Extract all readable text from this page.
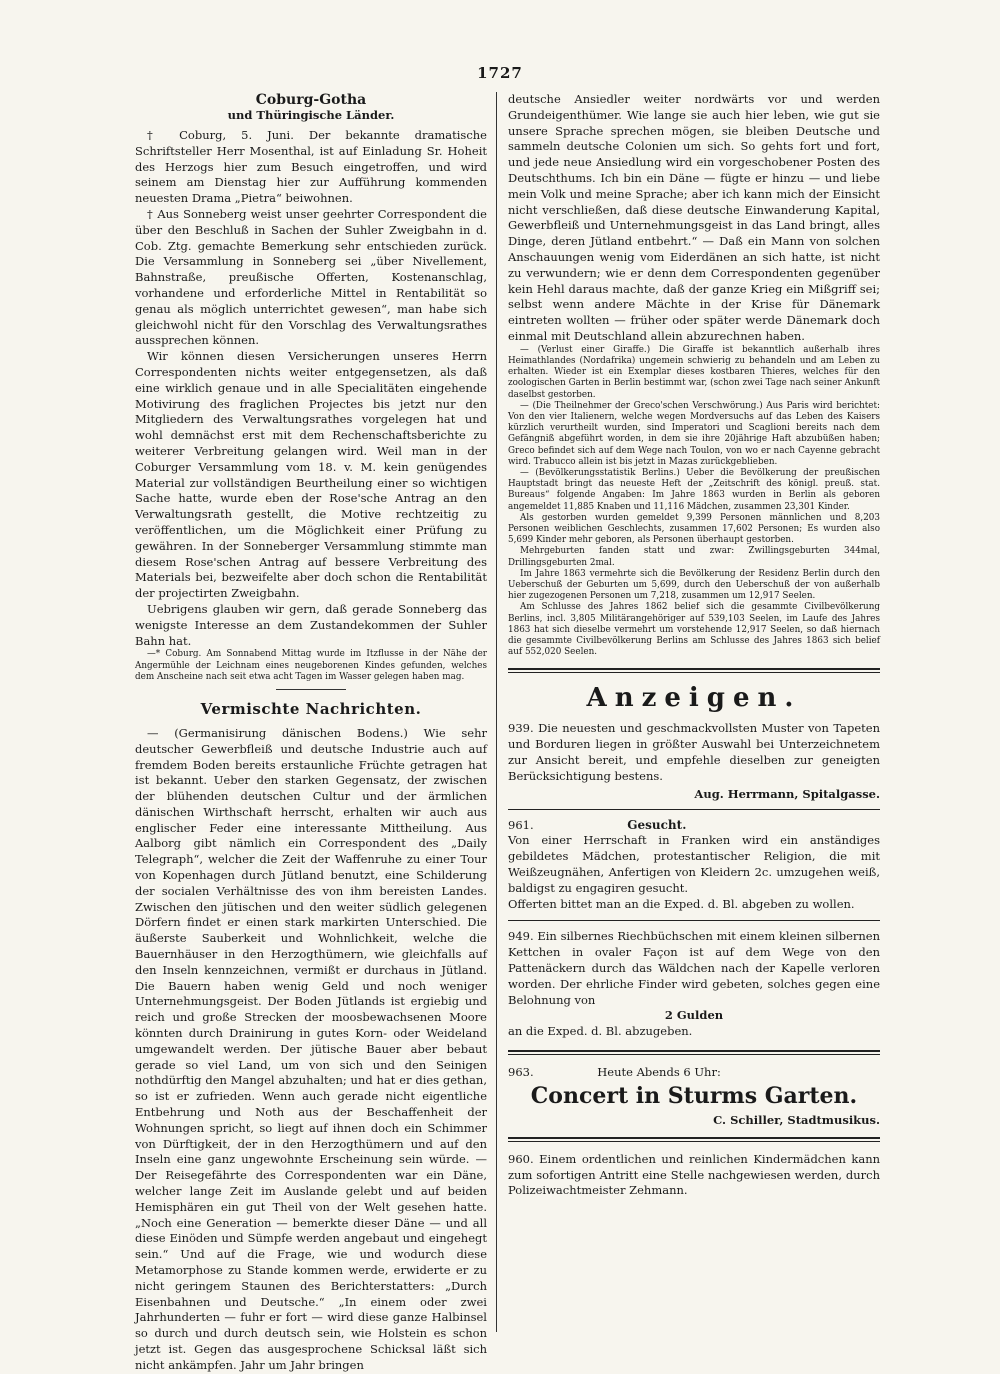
1727
Coburg-Gotha
und Thüringische Länder.

† Coburg, 5. Juni. Der bekannte dramatische Schriftsteller Herr Mosenthal, ist auf Einladung Sr. Hoheit des Herzogs hier zum Besuch eingetroffen, und wird seinem am Dienstag hier zur Aufführung kommenden neuesten Drama „Pietra“ beiwohnen.

† Aus Sonneberg weist unser geehrter Correspondent die über den Beschluß in Sachen der Suhler Zweigbahn in d. Cob. Ztg. gemachte Bemerkung sehr entschieden zurück. Die Versammlung in Sonneberg sei „über Nivellement, Bahnstraße, preußische Offerten, Kostenanschlag, vorhandene und erforderliche Mittel in Rentabilität so genau als möglich unterrichtet gewesen“, man habe sich gleichwohl nicht für den Vorschlag des Verwaltungsrathes aussprechen können.

Wir können diesen Versicherungen unseres Herrn Correspondenten nichts weiter entgegensetzen, als daß eine wirklich genaue und in alle Specialitäten eingehende Motivirung des fraglichen Projectes bis jetzt nur den Mitgliedern des Verwaltungsrathes vorgelegen hat und wohl demnächst erst mit dem Rechenschaftsberichte zu weiterer Verbreitung gelangen wird. Weil man in der Coburger Versammlung vom 18. v. M. kein genügendes Material zur vollständigen Beurtheilung einer so wichtigen Sache hatte, wurde eben der Rose'sche Antrag an den Verwaltungsrath gestellt, die Motive rechtzeitig zu veröffentlichen, um die Möglichkeit einer Prüfung zu gewähren. In der Sonneberger Versammlung stimmte man diesem Rose'schen Antrag auf bessere Verbreitung des Materials bei, bezweifelte aber doch schon die Rentabilität der projectirten Zweigbahn.

Uebrigens glauben wir gern, daß gerade Sonneberg das wenigste Interesse an dem Zustandekommen der Suhler Bahn hat.

—* Coburg. Am Sonnabend Mittag wurde im Itzflusse in der Nähe der Angermühle der Leichnam eines neugeborenen Kindes gefunden, welches dem Anscheine nach seit etwa acht Tagen im Wasser gelegen haben mag.

Vermischte Nachrichten.

— (Germanisirung dänischen Bodens.) Wie sehr deutscher Gewerbfleiß und deutsche Industrie auch auf fremdem Boden bereits erstaunliche Früchte getragen hat ist bekannt. Ueber den starken Gegensatz, der zwischen der blühenden deutschen Cultur und der ärmlichen dänischen Wirthschaft herrscht, erhalten wir auch aus englischer Feder eine interessante Mittheilung. Aus Aalborg gibt nämlich ein Correspondent des „Daily Telegraph“, welcher die Zeit der Waffenruhe zu einer Tour von Kopenhagen durch Jütland benutzt, eine Schilderung der socialen Verhältnisse des von ihm bereisten Landes. Zwischen den jütischen und den weiter südlich gelegenen Dörfern findet er einen stark markirten Unterschied. Die äußerste Sauberkeit und Wohnlichkeit, welche die Bauernhäuser in den Herzogthümern, wie gleichfalls auf den Inseln kennzeichnen, vermißt er durchaus in Jütland. Die Bauern haben wenig Geld und noch weniger Unternehmungsgeist. Der Boden Jütlands ist ergiebig und reich und große Strecken der moosbewachsenen Moore könnten durch Drainirung in gutes Korn- oder Weideland umgewandelt werden. Der jütische Bauer aber bebaut gerade so viel Land, um von sich und den Seinigen nothdürftig den Mangel abzuhalten; und hat er dies gethan, so ist er zufrieden. Wenn auch gerade nicht eigentliche Entbehrung und Noth aus der Beschaffenheit der Wohnungen spricht, so liegt auf ihnen doch ein Schimmer von Dürftigkeit, der in den Herzogthümern und auf den Inseln eine ganz ungewohnte Erscheinung sein würde. — Der Reisegefährte des Correspondenten war ein Däne, welcher lange Zeit im Auslande gelebt und auf beiden Hemisphären ein gut Theil von der Welt gesehen hatte. „Noch eine Generation — bemerkte dieser Däne — und all diese Einöden und Sümpfe werden angebaut und eingehegt sein.“ Und auf die Frage, wie und wodurch diese Metamorphose zu Stande kommen werde, erwiderte er zu nicht geringem Staunen des Berichterstatters: „Durch Eisenbahnen und Deutsche.“ „In einem oder zwei Jahrhunderten — fuhr er fort — wird diese ganze Halbinsel so durch und durch deutsch sein, wie Holstein es schon jetzt ist. Gegen das ausgesprochene Schicksal läßt sich nicht ankämpfen. Jahr um Jahr bringen

deutsche Ansiedler weiter nordwärts vor und werden Grundeigenthümer. Wie lange sie auch hier leben, wie gut sie unsere Sprache sprechen mögen, sie bleiben Deutsche und sammeln deutsche Colonien um sich. So gehts fort und fort, und jede neue Ansiedlung wird ein vorgeschobener Posten des Deutschthums. Ich bin ein Däne — fügte er hinzu — und liebe mein Volk und meine Sprache; aber ich kann mich der Einsicht nicht verschließen, daß diese deutsche Einwanderung Kapital, Gewerbfleiß und Unternehmungsgeist in das Land bringt, alles Dinge, deren Jütland entbehrt.“ — Daß ein Mann von solchen Anschauungen wenig vom Eiderdänen an sich hatte, ist nicht zu verwundern; wie er denn dem Correspondenten gegenüber kein Hehl daraus machte, daß der ganze Krieg ein Mißgriff sei; selbst wenn andere Mächte in der Krise für Dänemark eintreten wollten — früher oder später werde Dänemark doch einmal mit Deutschland allein abzurechnen haben.

— (Verlust einer Giraffe.) Die Giraffe ist bekanntlich außerhalb ihres Heimathlandes (Nordafrika) ungemein schwierig zu behandeln und am Leben zu erhalten. Wieder ist ein Exemplar dieses kostbaren Thieres, welches für den zoologischen Garten in Berlin bestimmt war, (schon zwei Tage nach seiner Ankunft daselbst gestorben.

— (Die Theilnehmer der Greco'schen Verschwörung.) Aus Paris wird berichtet: Von den vier Italienern, welche wegen Mordversuchs auf das Leben des Kaisers kürzlich verurtheilt wurden, sind Imperatori und Scaglioni bereits nach dem Gefängniß abgeführt worden, in dem sie ihre 20jährige Haft abzubüßen haben; Greco befindet sich auf dem Wege nach Toulon, von wo er nach Cayenne gebracht wird. Trabucco allein ist bis jetzt in Mazas zurückgeblieben.

— (Bevölkerungsstatistik Berlins.) Ueber die Bevölkerung der preußischen Hauptstadt bringt das neueste Heft der „Zeitschrift des königl. preuß. stat. Bureaus“ folgende Angaben: Im Jahre 1863 wurden in Berlin als geboren angemeldet 11,885 Knaben und 11,116 Mädchen, zusammen 23,301 Kinder.

Als gestorben wurden gemeldet 9,399 Personen männlichen und 8,203 Personen weiblichen Geschlechts, zusammen 17,602 Personen; Es wurden also 5,699 Kinder mehr geboren, als Personen überhaupt gestorben.

Mehrgeburten fanden statt und zwar: Zwillingsgeburten 344mal, Drillingsgeburten 2mal.

Im Jahre 1863 vermehrte sich die Bevölkerung der Residenz Berlin durch den Ueberschuß der Geburten um 5,699, durch den Ueberschuß der von außerhalb hier zugezogenen Personen um 7,218, zusammen um 12,917 Seelen.

Am Schlusse des Jahres 1862 belief sich die gesammte Civilbevölkerung Berlins, incl. 3,805 Militärangehöriger auf 539,103 Seelen, im Laufe des Jahres 1863 hat sich dieselbe vermehrt um vorstehende 12,917 Seelen, so daß hiernach die gesammte Civilbevölkerung Berlins am Schlusse des Jahres 1863 sich belief auf 552,020 Seelen.

Anzeigen.

939. Die neuesten und geschmackvollsten Muster von Tapeten und Borduren liegen in größter Auswahl bei Unterzeichnetem zur Ansicht bereit, und empfehle dieselben zur geneigten Berücksichtigung bestens.

Aug. Herrmann, Spitalgasse.

961.	Gesucht.

Von einer Herrschaft in Franken wird ein anständiges gebildetes Mädchen, protestantischer Religion, die mit Weißzeugnähen, Anfertigen von Kleidern 2c. umzugehen weiß, baldigst zu engagiren gesucht.

Offerten bittet man an die Exped. d. Bl. abgeben zu wollen.

949. Ein silbernes Riechbüchschen mit einem kleinen silbernen Kettchen in ovaler Façon ist auf dem Wege von den Pattenäckern durch das Wäldchen nach der Kapelle verloren worden. Der ehrliche Finder wird gebeten, solches gegen eine Belohnung von

2 Gulden

an die Exped. d. Bl. abzugeben.

963.	Heute Abends 6 Uhr:

Concert in Sturms Garten.
C. Schiller, Stadtmusikus.

960. Einem ordentlichen und reinlichen Kindermädchen kann zum sofortigen Antritt eine Stelle nachgewiesen werden, durch Polizeiwachtmeister Zehmann.
